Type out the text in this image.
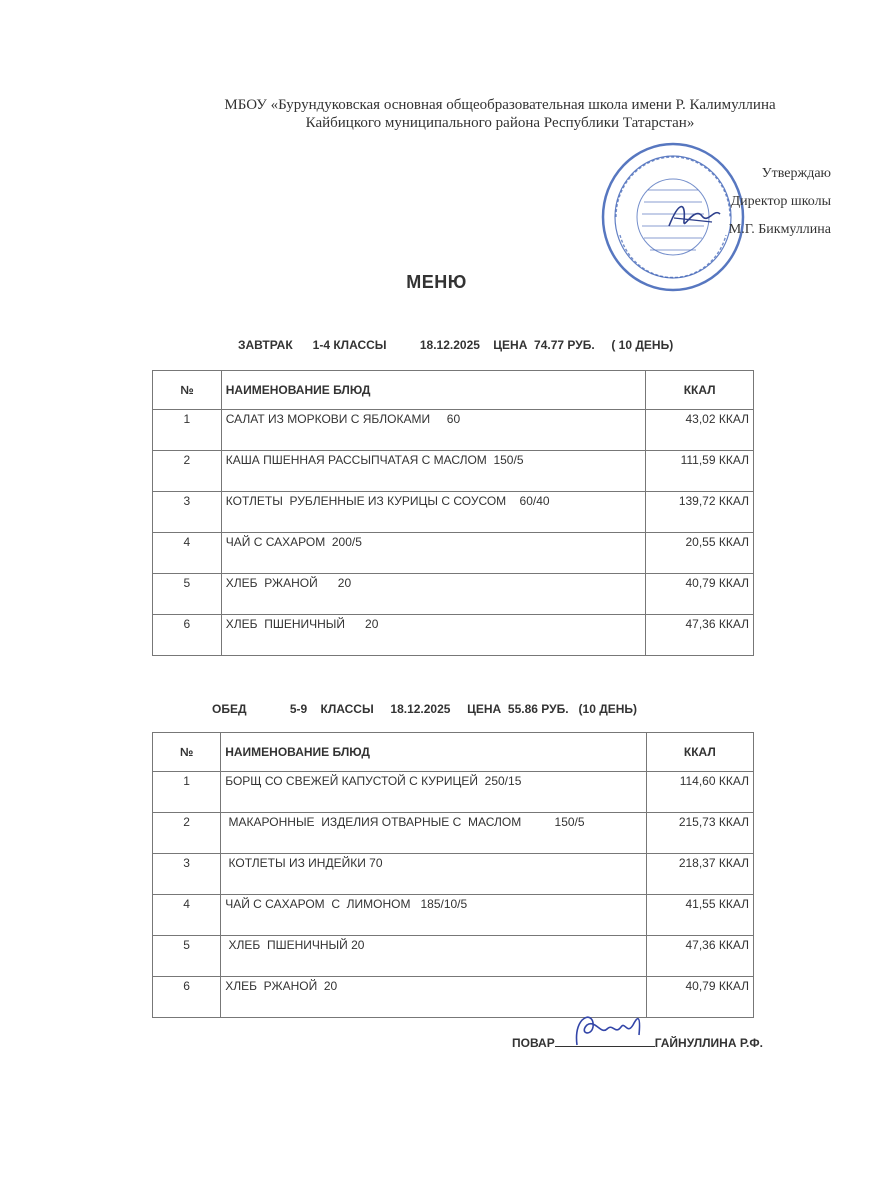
МБОУ «Бурундуковская основная общеобразовательная школа имени Р. Калимуллина
Кайбицкого муниципального района Республики Татарстан»
Утверждаю
Директор школы
М.Г. Бикмуллина
МЕНЮ
ЗАВТРАК      1-4 КЛАССЫ          18.12.2025    ЦЕНА  74.77 РУБ.     ( 10 ДЕНЬ)
№	НАИМЕНОВАНИЕ БЛЮД	ККАЛ
1	САЛАТ ИЗ МОРКОВИ С ЯБЛОКАМИ     60	43,02 ККАЛ
2	КАША ПШЕННАЯ РАССЫПЧАТАЯ С МАСЛОМ  150/5	111,59 ККАЛ
3	КОТЛЕТЫ  РУБЛЕННЫЕ ИЗ КУРИЦЫ С СОУСОМ    60/40	139,72 ККАЛ
4	ЧАЙ С САХАРОМ  200/5	20,55 ККАЛ
5	ХЛЕБ  РЖАНОЙ      20	40,79 ККАЛ
6	ХЛЕБ  ПШЕНИЧНЫЙ      20	47,36 ККАЛ
ОБЕД             5-9    КЛАССЫ     18.12.2025     ЦЕНА  55.86 РУБ.   (10 ДЕНЬ)
№	НАИМЕНОВАНИЕ БЛЮД	ККАЛ
1	БОРЩ СО СВЕЖЕЙ КАПУСТОЙ С КУРИЦЕЙ  250/15	114,60 ККАЛ
2	МАКАРОННЫЕ  ИЗДЕЛИЯ ОТВАРНЫЕ С  МАСЛОМ          150/5	215,73 ККАЛ
3	КОТЛЕТЫ ИЗ ИНДЕЙКИ 70	218,37 ККАЛ
4	ЧАЙ С САХАРОМ  С  ЛИМОНОМ   185/10/5	41,55 ККАЛ
5	ХЛЕБ  ПШЕНИЧНЫЙ 20	47,36 ККАЛ
6	ХЛЕБ  РЖАНОЙ  20	40,79 ККАЛ
ПОВАР	ГАЙНУЛЛИНА Р.Ф.
